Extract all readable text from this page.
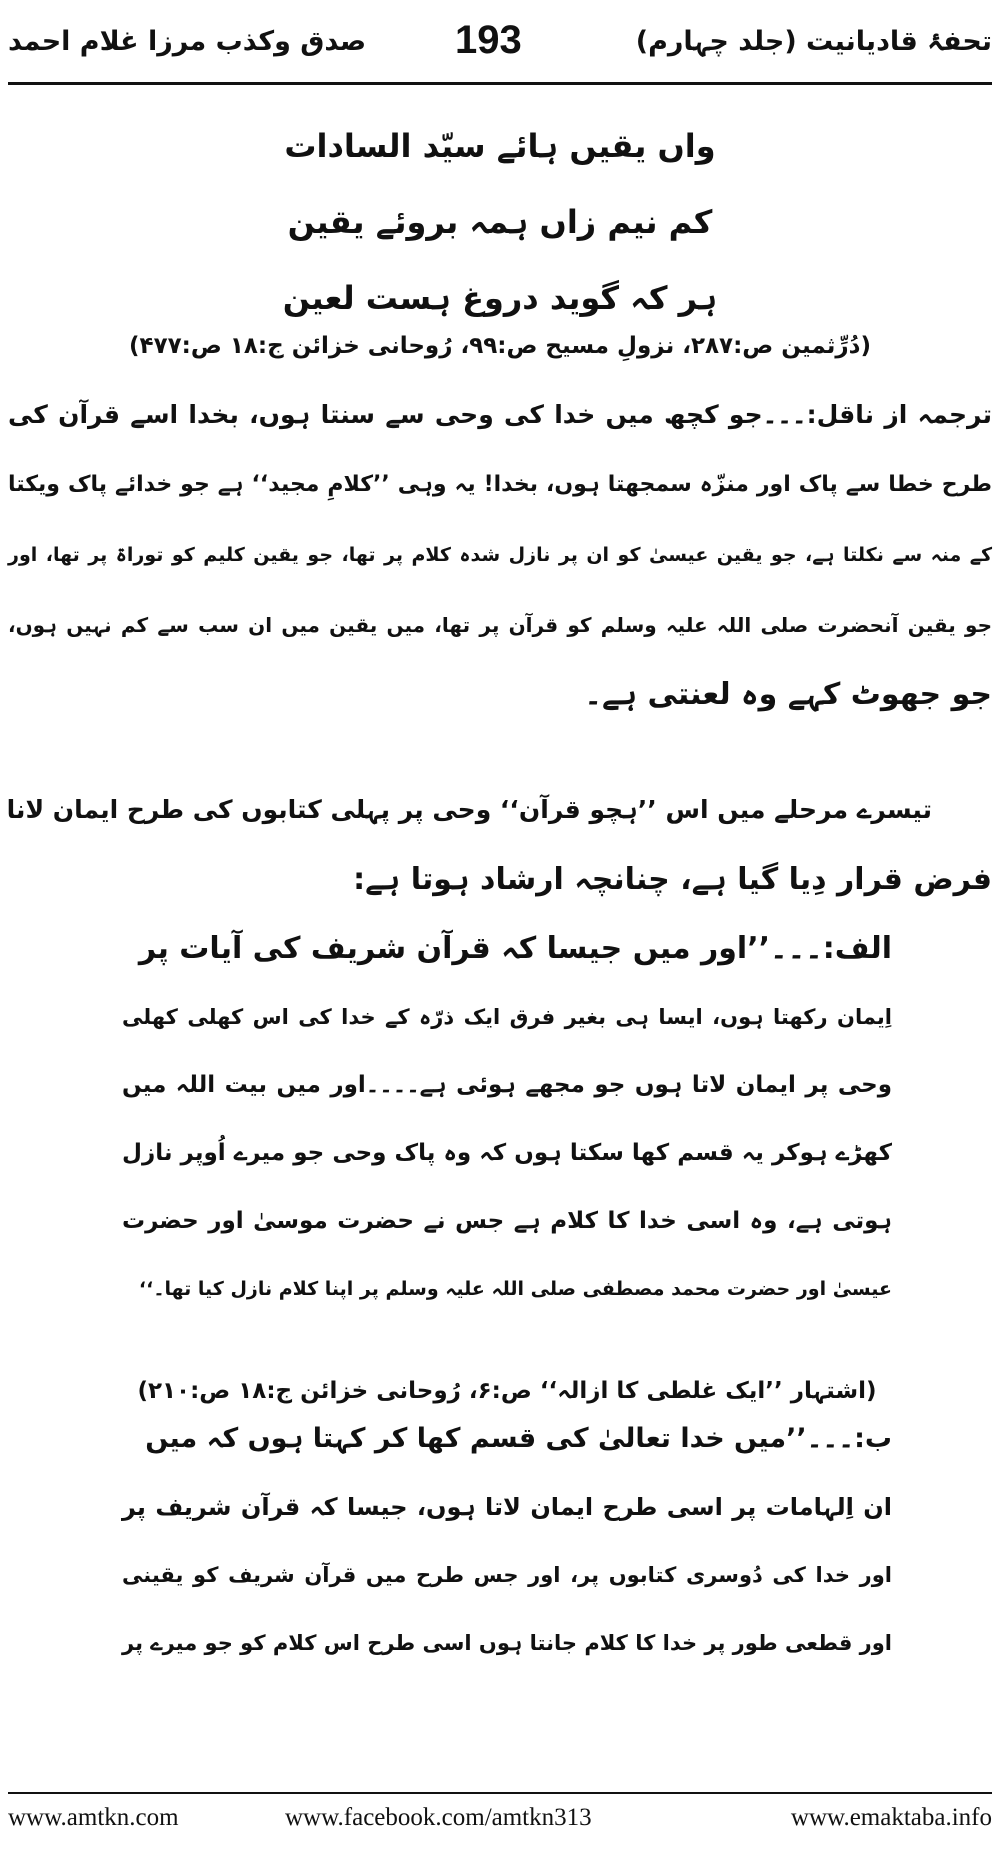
تحفۂ قادیانیت (جلد چہارم)
193
صدق وکذب مرزا غلام احمد
واں یقیں ہائے سیّد السادات
کم نیم زاں ہمہ بروئے یقین
ہر کہ گوید دروغ ہست لعین
(دُرِّثمین ص:۲۸۷، نزولِ مسیح ص:۹۹، رُوحانی خزائن ج:۱۸ ص:۴۷۷)
ترجمہ از ناقل:۔۔۔جو کچھ میں خدا کی وحی سے سنتا ہوں، بخدا اسے قرآن کی
طرح خطا سے پاک اور منزّہ سمجھتا ہوں، بخدا! یہ وہی ’’کلامِ مجید‘‘ ہے جو خدائے پاک ویکتا
کے منہ سے نکلتا ہے، جو یقین عیسیٰ کو ان پر نازل شدہ کلام پر تھا، جو یقین کلیم کو توراۃ پر تھا، اور
جو یقین آنحضرت صلی اللہ علیہ وسلم کو قرآن پر تھا، میں یقین میں ان سب سے کم نہیں ہوں،
جو جھوٹ کہے وہ لعنتی ہے۔
تیسرے مرحلے میں اس ’’ہچو قرآن‘‘ وحی پر پہلی کتابوں کی طرح ایمان لانا
فرض قرار دِیا گیا ہے، چنانچہ ارشاد ہوتا ہے:
الف:۔۔۔’’اور میں جیسا کہ قرآن شریف کی آیات پر
اِیمان رکھتا ہوں، ایسا ہی بغیر فرق ایک ذرّہ کے خدا کی اس کھلی کھلی
وحی پر ایمان لاتا ہوں جو مجھے ہوئی ہے۔۔۔۔اور میں بیت اللہ میں
کھڑے ہوکر یہ قسم کھا سکتا ہوں کہ وہ پاک وحی جو میرے اُوپر نازل
ہوتی ہے، وہ اسی خدا کا کلام ہے جس نے حضرت موسیٰ اور حضرت
عیسیٰ اور حضرت محمد مصطفی صلی اللہ علیہ وسلم پر اپنا کلام نازل کیا تھا۔‘‘
(اشتہار ’’ایک غلطی کا ازالہ‘‘ ص:۶، رُوحانی خزائن ج:۱۸ ص:۲۱۰)
ب:۔۔۔’’میں خدا تعالیٰ کی قسم کھا کر کہتا ہوں کہ میں
ان اِلہامات پر اسی طرح ایمان لاتا ہوں، جیسا کہ قرآن شریف پر
اور خدا کی دُوسری کتابوں پر، اور جس طرح میں قرآن شریف کو یقینی
اور قطعی طور پر خدا کا کلام جانتا ہوں اسی طرح اس کلام کو جو میرے پر
www.amtkn.com	www.facebook.com/amtkn313	www.emaktaba.info
